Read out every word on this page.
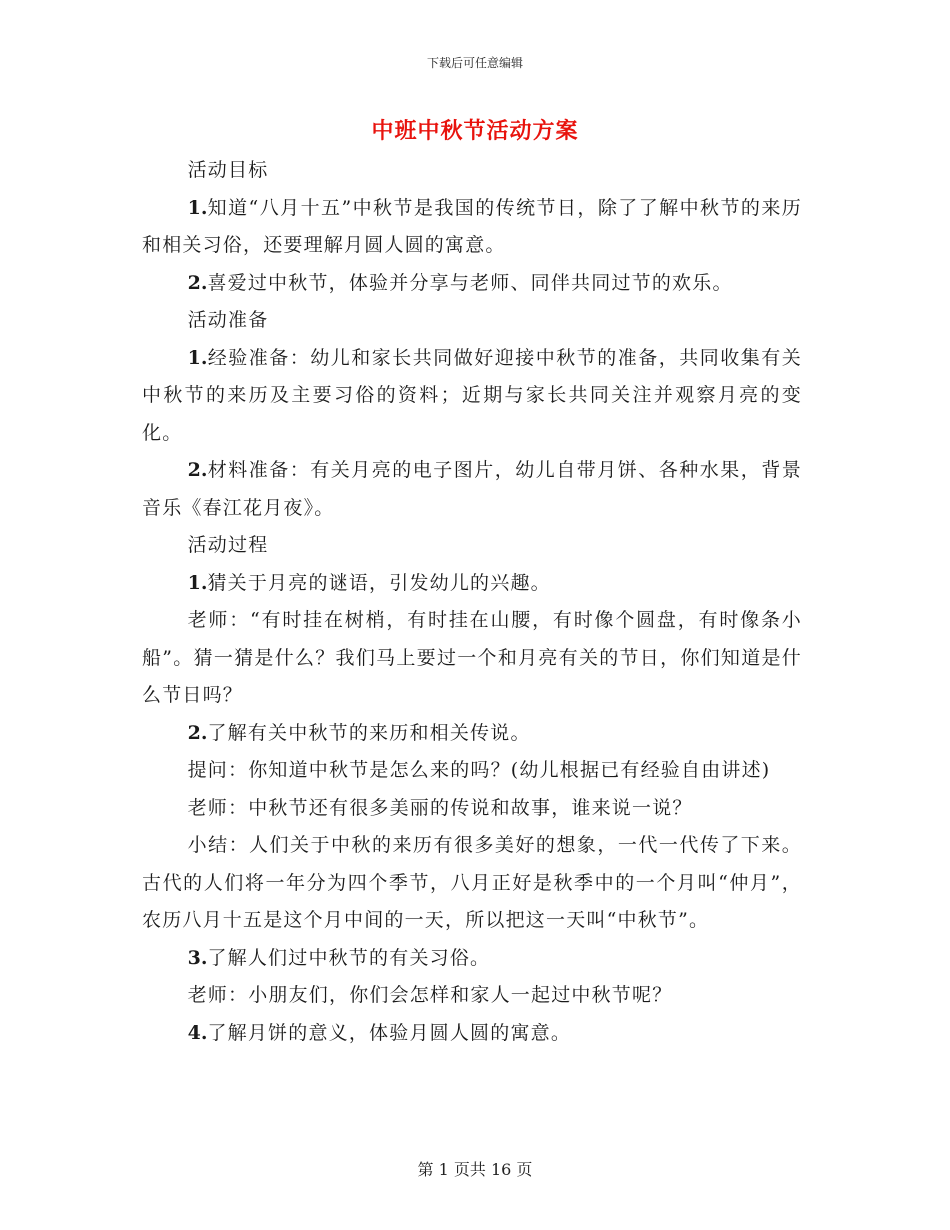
下载后可任意编辑
中班中秋节活动方案

活动目标

1.知道“八月十五”中秋节是我国的传统节日，除了了解中秋节的来历和相关习俗，还要理解月圆人圆的寓意。

2.喜爱过中秋节，体验并分享与老师、同伴共同过节的欢乐。

活动准备

1.经验准备：幼儿和家长共同做好迎接中秋节的准备，共同收集有关中秋节的来历及主要习俗的资料；近期与家长共同关注并观察月亮的变化。

2.材料准备：有关月亮的电子图片，幼儿自带月饼、各种水果，背景音乐《春江花月夜》。

活动过程

1.猜关于月亮的谜语，引发幼儿的兴趣。

老师：“有时挂在树梢，有时挂在山腰，有时像个圆盘，有时像条小船”。猜一猜是什么？我们马上要过一个和月亮有关的节日，你们知道是什么节日吗？

2.了解有关中秋节的来历和相关传说。

提问：你知道中秋节是怎么来的吗？(幼儿根据已有经验自由讲述)

老师：中秋节还有很多美丽的传说和故事，谁来说一说？

小结：人们关于中秋的来历有很多美好的想象，一代一代传了下来。古代的人们将一年分为四个季节，八月正好是秋季中的一个月叫“仲月”，农历八月十五是这个月中间的一天，所以把这一天叫“中秋节”。

3.了解人们过中秋节的有关习俗。

老师：小朋友们，你们会怎样和家人一起过中秋节呢？

4.了解月饼的意义，体验月圆人圆的寓意。

第 1 页共 16 页
